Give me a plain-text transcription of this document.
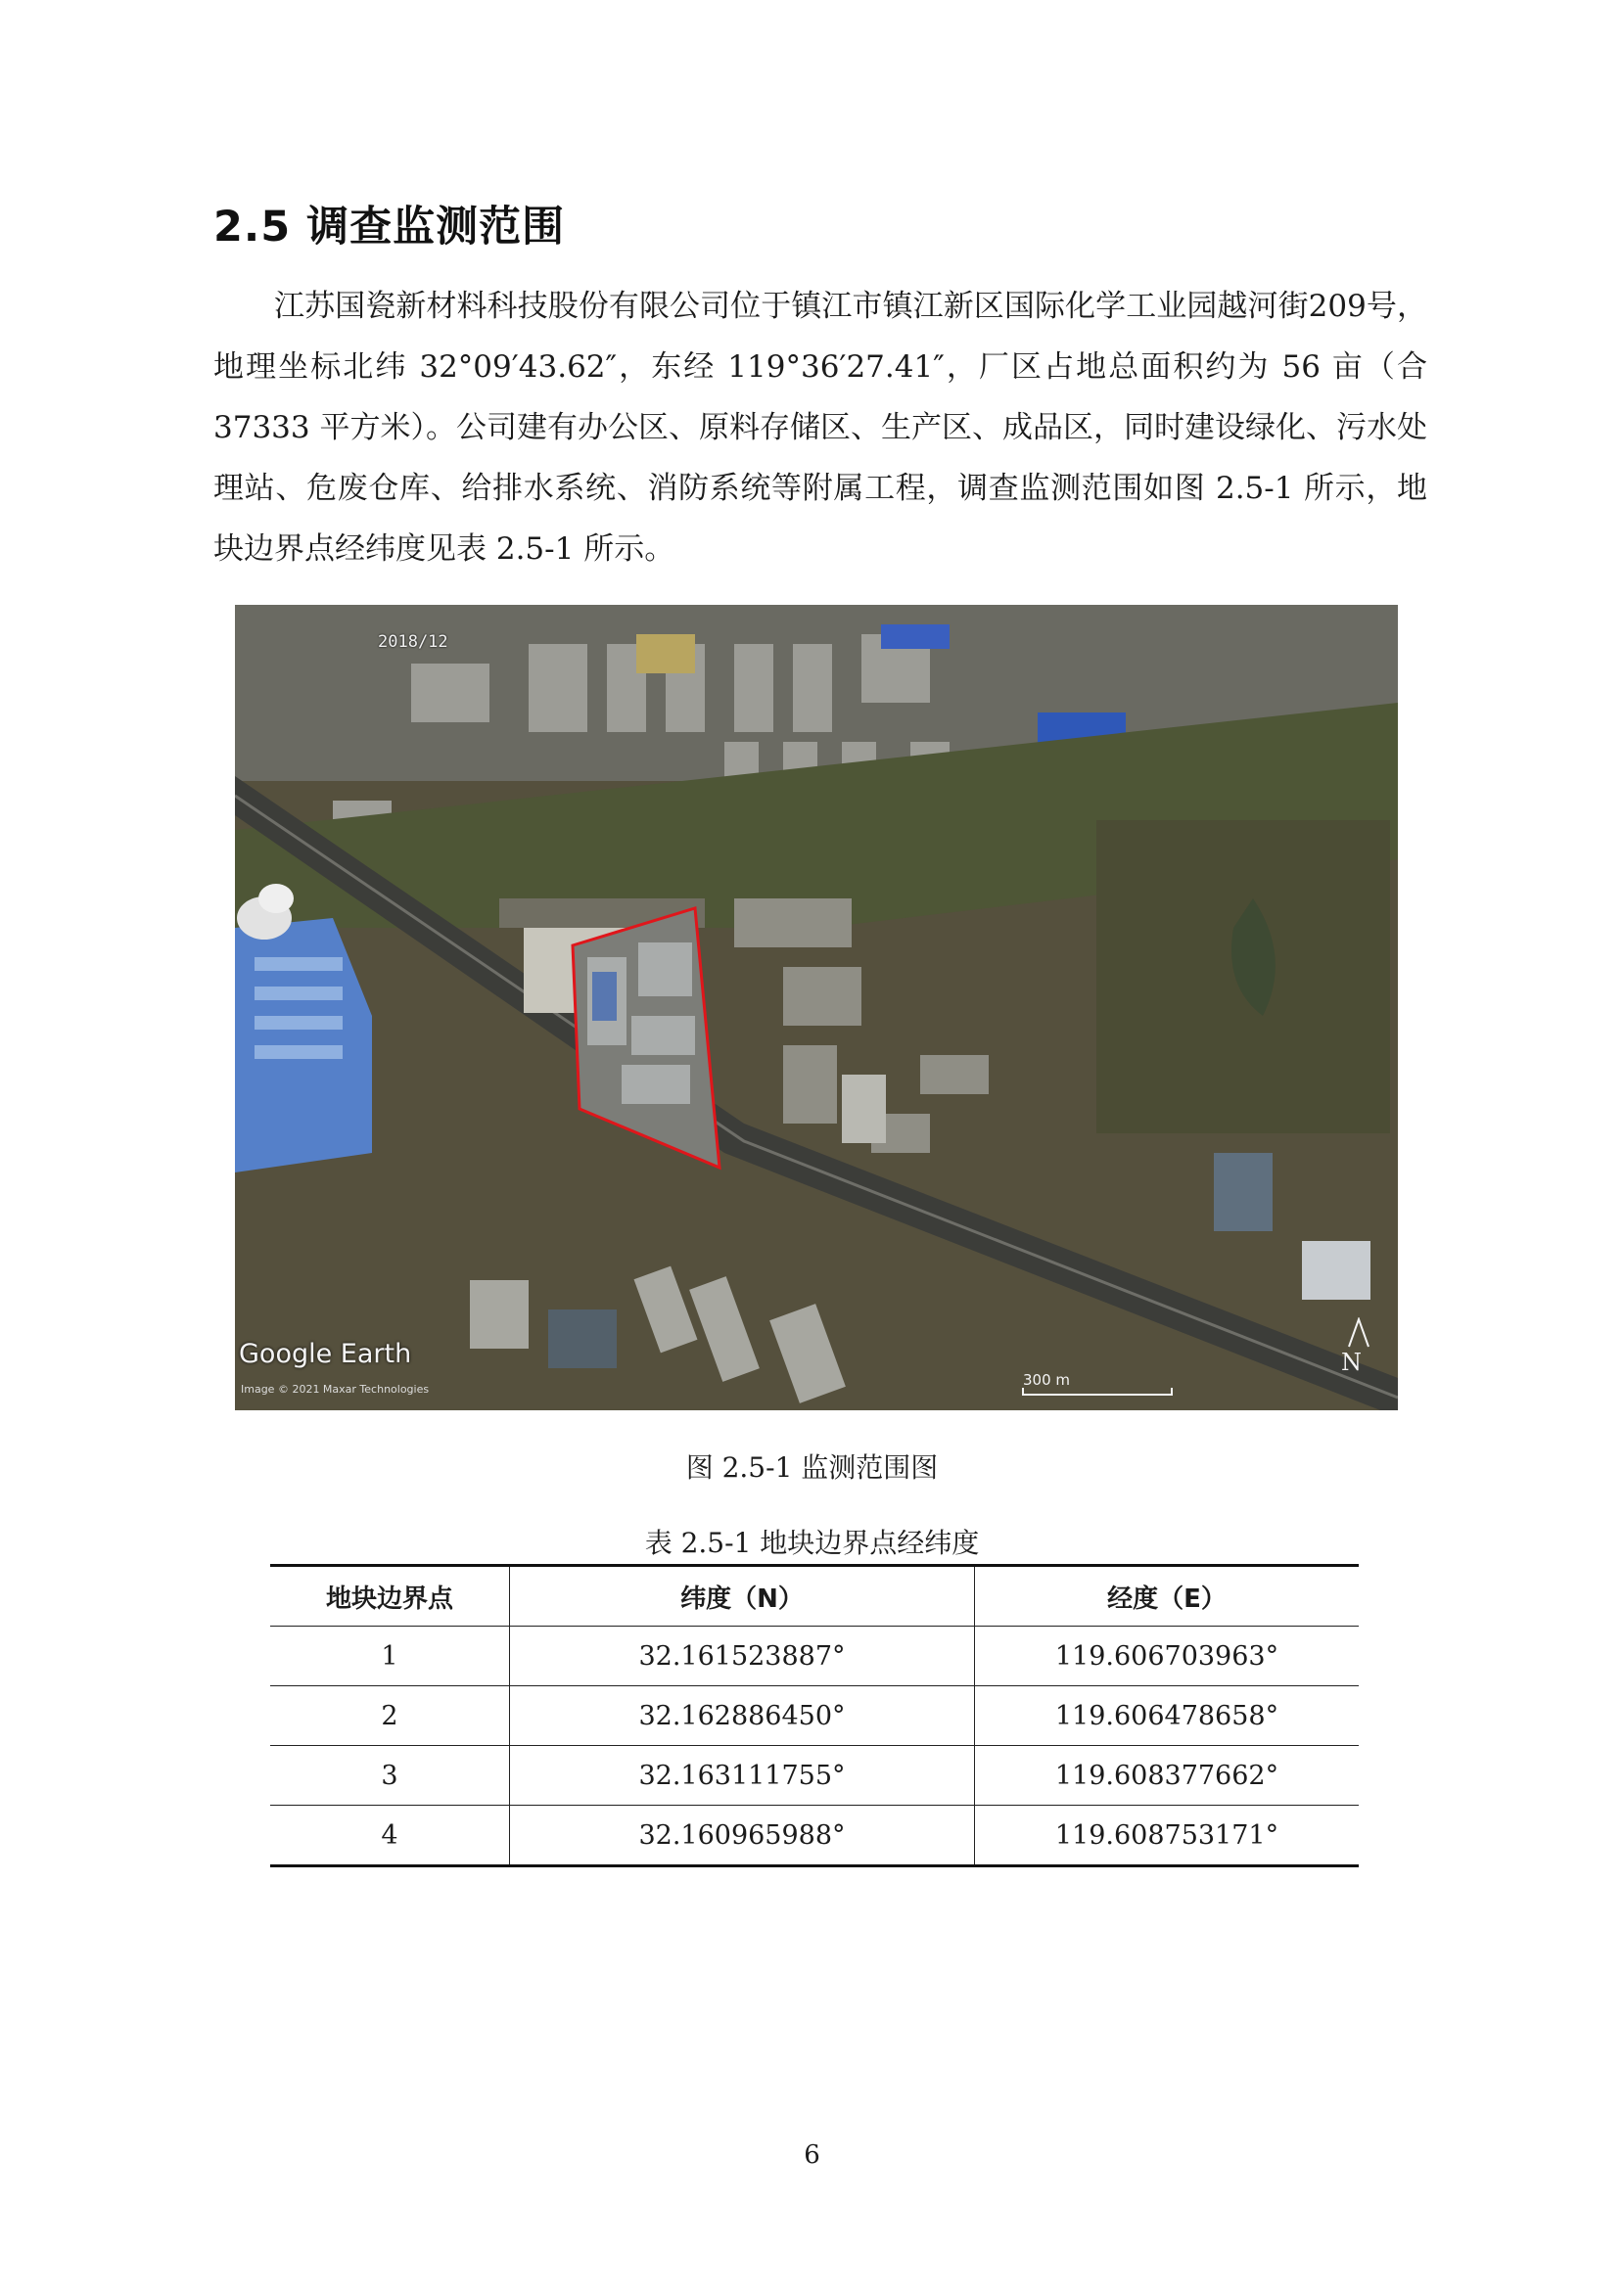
2.5 调查监测范围

江苏国瓷新材料科技股份有限公司位于镇江市镇江新区国际化学工业园越河街209号，地理坐标北纬 32°09′43.62″，东经 119°36′27.41″，厂区占地总面积约为 56 亩（合 37333 平方米）。公司建有办公区、原料存储区、生产区、成品区，同时建设绿化、污水处理站、危废仓库、给排水系统、消防系统等附属工程，调查监测范围如图 2.5-1 所示，地块边界点经纬度见表 2.5-1 所示。

2018/12
Google Earth
Image © 2021 Maxar Technologies
300 m
N

图 2.5-1 监测范围图

表 2.5-1 地块边界点经纬度

地块边界点	纬度（N）	经度（E）
1	32.161523887°	119.606703963°
2	32.162886450°	119.606478658°
3	32.163111755°	119.608377662°
4	32.160965988°	119.608753171°

6
